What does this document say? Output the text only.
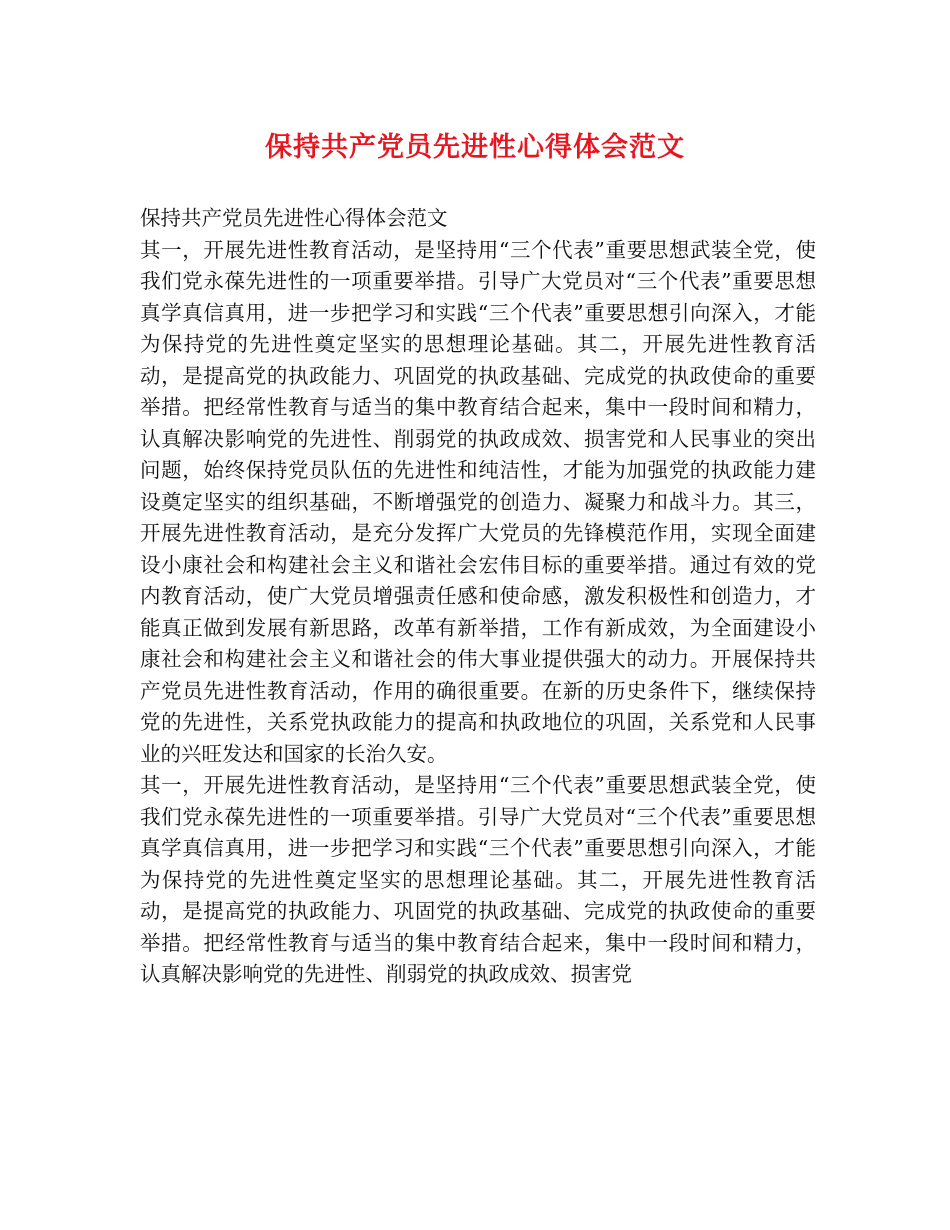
保持共产党员先进性心得体会范文

保持共产党员先进性心得体会范文

其一，开展先进性教育活动，是坚持用“三个代表”重要思想武装全党，使我们党永葆先进性的一项重要举措。引导广大党员对“三个代表”重要思想真学真信真用，进一步把学习和实践“三个代表”重要思想引向深入，才能为保持党的先进性奠定坚实的思想理论基础。其二，开展先进性教育活动，是提高党的执政能力、巩固党的执政基础、完成党的执政使命的重要举措。把经常性教育与适当的集中教育结合起来，集中一段时间和精力，认真解决影响党的先进性、削弱党的执政成效、损害党和人民事业的突出问题，始终保持党员队伍的先进性和纯洁性，才能为加强党的执政能力建设奠定坚实的组织基础，不断增强党的创造力、凝聚力和战斗力。其三，开展先进性教育活动，是充分发挥广大党员的先锋模范作用，实现全面建设小康社会和构建社会主义和谐社会宏伟目标的重要举措。通过有效的党内教育活动，使广大党员增强责任感和使命感，激发积极性和创造力，才能真正做到发展有新思路，改革有新举措，工作有新成效，为全面建设小康社会和构建社会主义和谐社会的伟大事业提供强大的动力。开展保持共产党员先进性教育活动，作用的确很重要。在新的历史条件下，继续保持党的先进性，关系党执政能力的提高和执政地位的巩固，关系党和人民事业的兴旺发达和国家的长治久安。

其一，开展先进性教育活动，是坚持用“三个代表”重要思想武装全党，使我们党永葆先进性的一项重要举措。引导广大党员对“三个代表”重要思想真学真信真用，进一步把学习和实践“三个代表”重要思想引向深入，才能为保持党的先进性奠定坚实的思想理论基础。其二，开展先进性教育活动，是提高党的执政能力、巩固党的执政基础、完成党的执政使命的重要举措。把经常性教育与适当的集中教育结合起来，集中一段时间和精力，认真解决影响党的先进性、削弱党的执政成效、损害党
